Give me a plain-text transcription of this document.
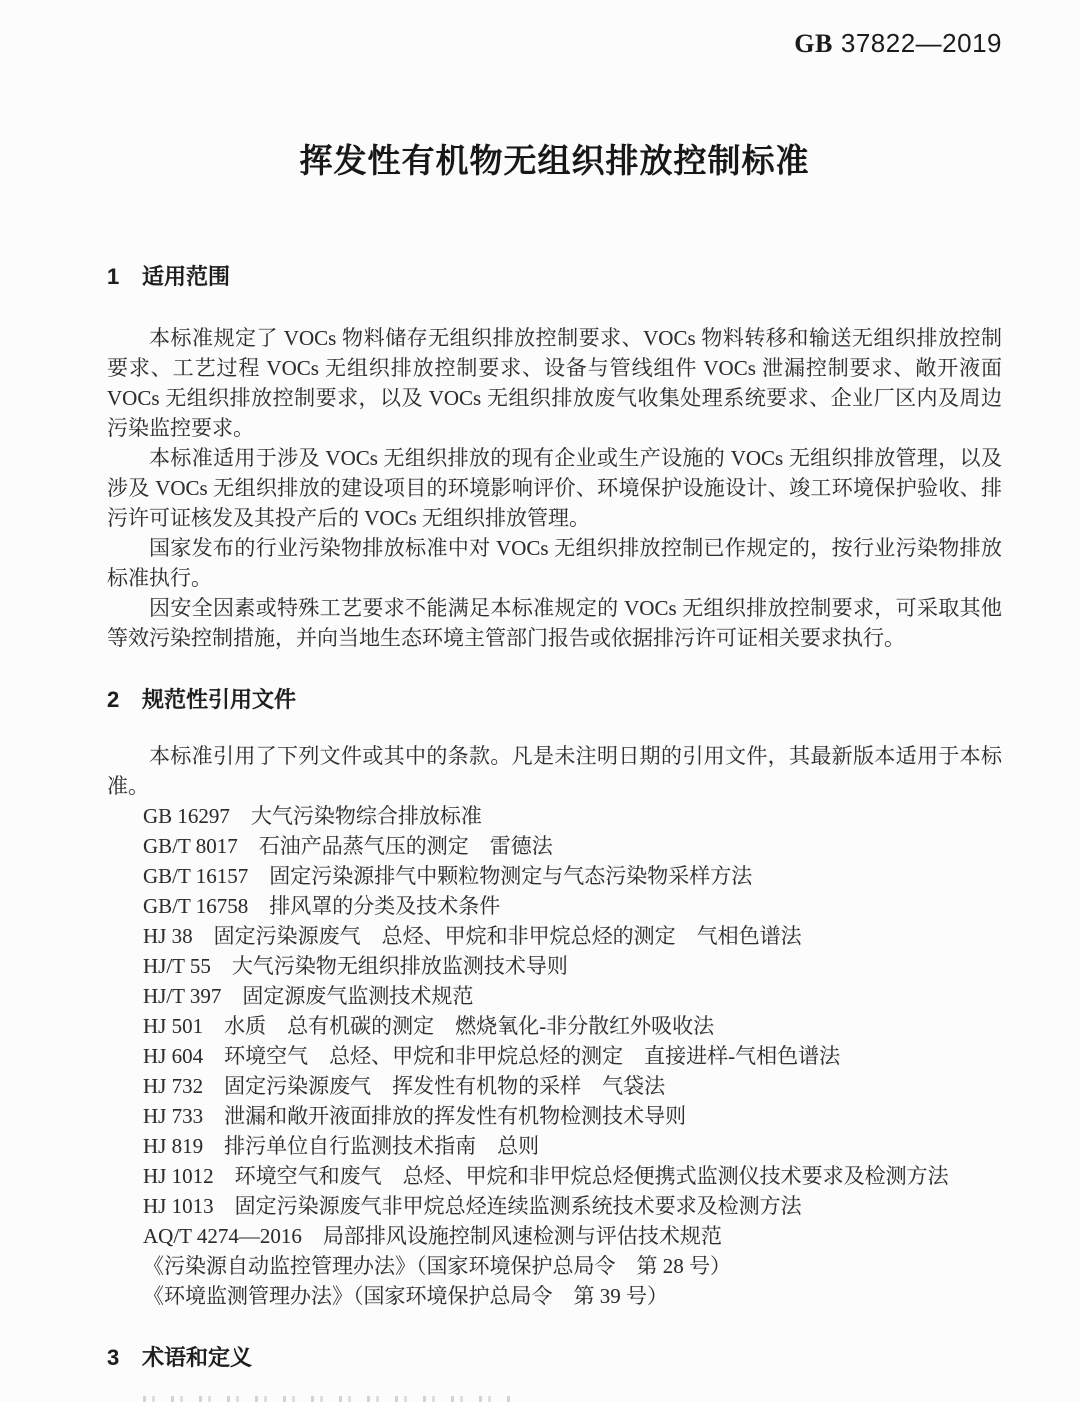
GB 37822—2019
挥发性有机物无组织排放控制标准
1 适用范围

本标准规定了 VOCs 物料储存无组织排放控制要求、VOCs 物料转移和输送无组织排放控制要求、工艺过程 VOCs 无组织排放控制要求、设备与管线组件 VOCs 泄漏控制要求、敞开液面 VOCs 无组织排放控制要求，以及 VOCs 无组织排放废气收集处理系统要求、企业厂区内及周边污染监控要求。

本标准适用于涉及 VOCs 无组织排放的现有企业或生产设施的 VOCs 无组织排放管理，以及涉及 VOCs 无组织排放的建设项目的环境影响评价、环境保护设施设计、竣工环境保护验收、排污许可证核发及其投产后的 VOCs 无组织排放管理。

国家发布的行业污染物排放标准中对 VOCs 无组织排放控制已作规定的，按行业污染物排放标准执行。

因安全因素或特殊工艺要求不能满足本标准规定的 VOCs 无组织排放控制要求，可采取其他等效污染控制措施，并向当地生态环境主管部门报告或依据排污许可证相关要求执行。

2 规范性引用文件

本标准引用了下列文件或其中的条款。凡是未注明日期的引用文件，其最新版本适用于本标准。

GB 16297　大气污染物综合排放标准
GB/T 8017　石油产品蒸气压的测定　雷德法
GB/T 16157　固定污染源排气中颗粒物测定与气态污染物采样方法
GB/T 16758　排风罩的分类及技术条件
HJ 38　固定污染源废气　总烃、甲烷和非甲烷总烃的测定　气相色谱法
HJ/T 55　大气污染物无组织排放监测技术导则
HJ/T 397　固定源废气监测技术规范
HJ 501　水质　总有机碳的测定　燃烧氧化-非分散红外吸收法
HJ 604　环境空气　总烃、甲烷和非甲烷总烃的测定　直接进样-气相色谱法
HJ 732　固定污染源废气　挥发性有机物的采样　气袋法
HJ 733　泄漏和敞开液面排放的挥发性有机物检测技术导则
HJ 819　排污单位自行监测技术指南　总则
HJ 1012　环境空气和废气　总烃、甲烷和非甲烷总烃便携式监测仪技术要求及检测方法
HJ 1013　固定污染源废气非甲烷总烃连续监测系统技术要求及检测方法
AQ/T 4274—2016　局部排风设施控制风速检测与评估技术规范
《污染源自动监控管理办法》（国家环境保护总局令　第 28 号）
《环境监测管理办法》（国家环境保护总局令　第 39 号）
3 术语和定义
